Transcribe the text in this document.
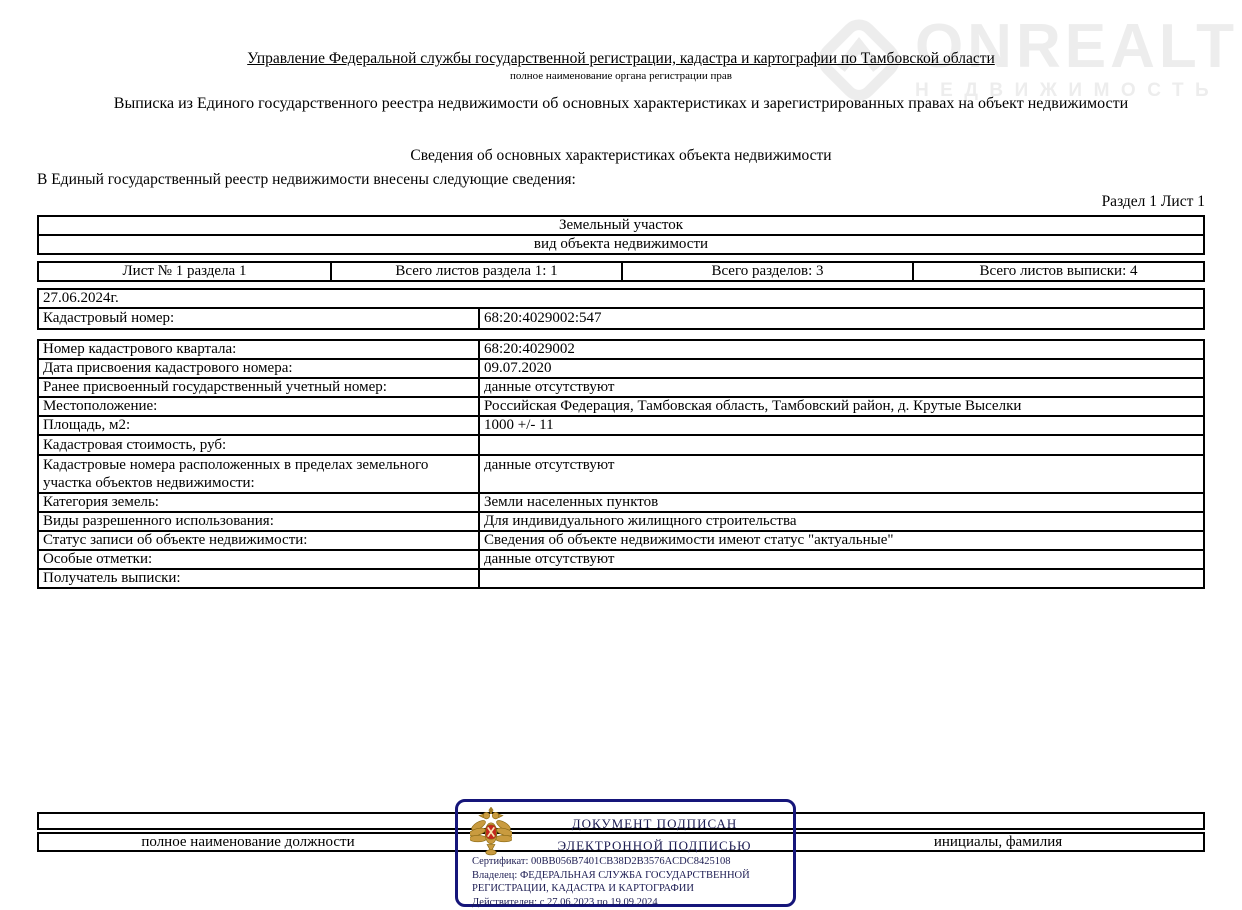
ONREALT
НЕДВИЖИМОСТЬ
Управление Федеральной службы государственной регистрации, кадастра и картографии по Тамбовской области
полное наименование органа регистрации прав
Выписка из Единого государственного реестра недвижимости об основных характеристиках и зарегистрированных правах на объект недвижимости
Сведения об основных характеристиках объекта недвижимости
В Единый государственный реестр недвижимости внесены следующие сведения:
Раздел 1 Лист 1
Земельный участок
вид объекта недвижимости
Лист № 1 раздела 1	Всего листов раздела 1: 1	Всего разделов: 3	Всего листов выписки: 4
27.06.2024г.
Кадастровый номер:	68:20:4029002:547
Номер кадастрового квартала:	68:20:4029002
Дата присвоения кадастрового номера:	09.07.2020
Ранее присвоенный государственный учетный номер:	данные отсутствуют
Местоположение:	Российская Федерация, Тамбовская область, Тамбовский район, д. Крутые Выселки
Площадь, м2:	1000 +/- 11
Кадастровая стоимость, руб:
Кадастровые номера расположенных в пределах земельного участка объектов недвижимости:
данные отсутствуют
Категория земель:	Земли населенных пунктов
Виды разрешенного использования:	Для индивидуального жилищного строительства
Статус записи об объекте недвижимости:	Сведения об объекте недвижимости имеют статус "актуальные"
Особые отметки:	данные отсутствуют
Получатель выписки:
полное наименование должности	инициалы, фамилия
ДОКУМЕНТ ПОДПИСАН
ЭЛЕКТРОННОЙ ПОДПИСЬЮ
Сертификат: 00BB056B7401CB38D2B3576ACDC8425108
Владелец: ФЕДЕРАЛЬНАЯ СЛУЖБА ГОСУДАРСТВЕННОЙ
РЕГИСТРАЦИИ, КАДАСТРА И КАРТОГРАФИИ
Действителен: с 27.06.2023 по 19.09.2024
